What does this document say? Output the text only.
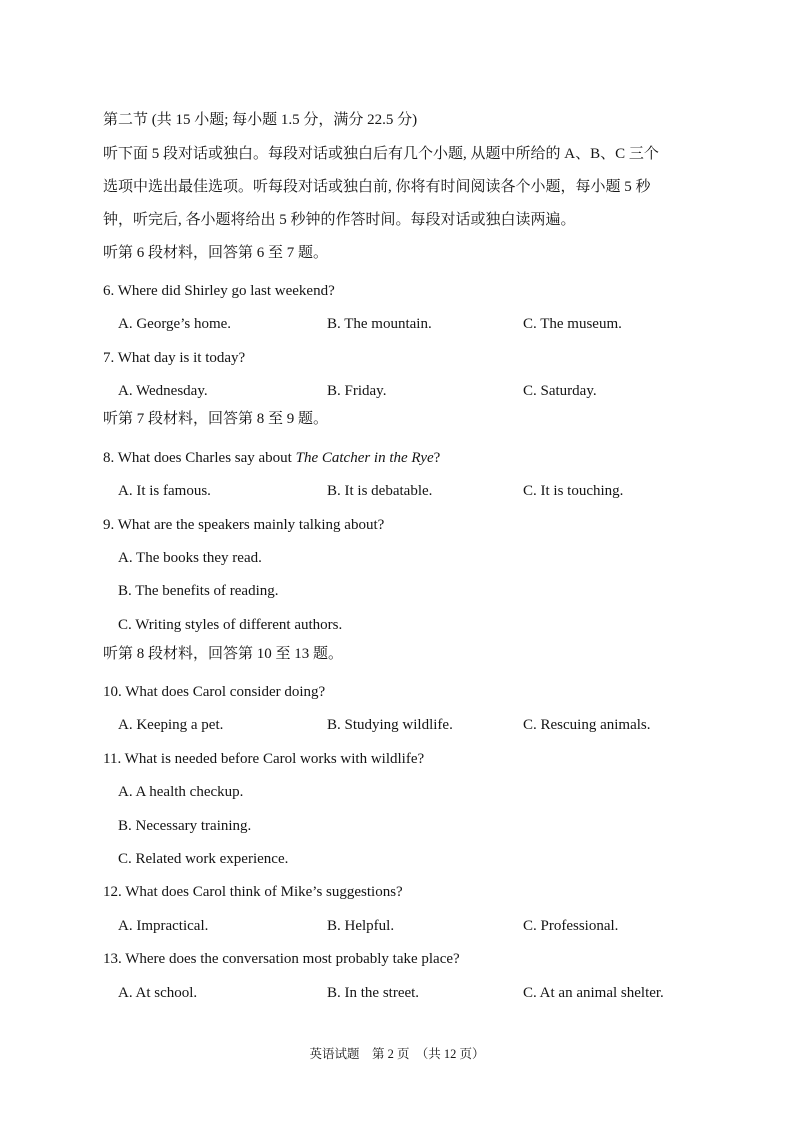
第二节 (共 15 小题; 每小题 1.5 分，满分 22.5 分)
听下面 5 段对话或独白。每段对话或独白后有几个小题, 从题中所给的 A、B、C 三个
选项中选出最佳选项。听每段对话或独白前, 你将有时间阅读各个小题，每小题 5 秒
钟，听完后, 各小题将给出 5 秒钟的作答时间。每段对话或独白读两遍。
听第 6 段材料，回答第 6 至 7 题。
6. Where did Shirley go last weekend?
A. George’s home.	B. The mountain.	C. The museum.
7. What day is it today?
A. Wednesday.	B. Friday.	C. Saturday.
听第 7 段材料，回答第 8 至 9 题。
8. What does Charles say about The Catcher in the Rye?
A. It is famous.	B. It is debatable.	C. It is touching.
9. What are the speakers mainly talking about?
A. The books they read.
B. The benefits of reading.
C. Writing styles of different authors.
听第 8 段材料，回答第 10 至 13 题。
10. What does Carol consider doing?
A. Keeping a pet.	B. Studying wildlife.	C. Rescuing animals.
11. What is needed before Carol works with wildlife?
A. A health checkup.
B. Necessary training.
C. Related work experience.
12. What does Carol think of Mike’s suggestions?
A. Impractical.	B. Helpful.	C. Professional.
13. Where does the conversation most probably take place?
A. At school.	B. In the street.	C. At an animal shelter.
英语试题　第 2 页　（共 12 页）
